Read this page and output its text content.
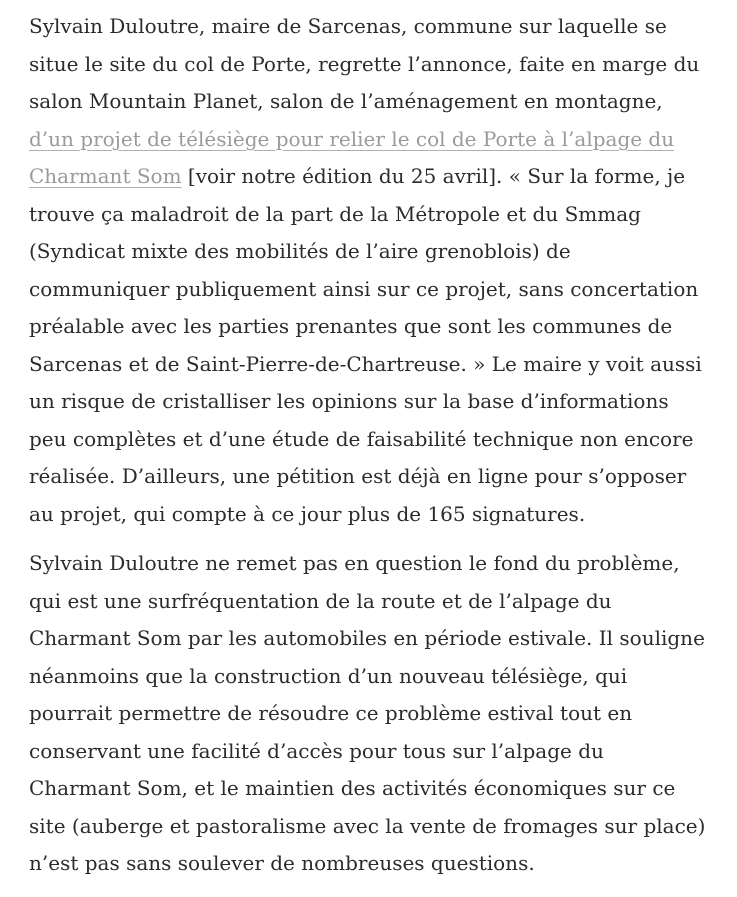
Sylvain Duloutre, maire de Sarcenas, commune sur laquelle se situe le site du col de Porte, regrette l’annonce, faite en marge du salon Mountain Planet, salon de l’aménagement en montagne, d’un projet de télésiège pour relier le col de Porte à l’alpage du Charmant Som [voir notre édition du 25 avril]. « Sur la forme, je trouve ça maladroit de la part de la Métropole et du Smmag (Syndicat mixte des mobilités de l’aire grenoblois) de communiquer publiquement ainsi sur ce projet, sans concertation préalable avec les parties prenantes que sont les communes de Sarcenas et de Saint-Pierre-de-Chartreuse. » Le maire y voit aussi un risque de cristalliser les opinions sur la base d’informations peu complètes et d’une étude de faisabilité technique non encore réalisée. D’ailleurs, une pétition est déjà en ligne pour s’opposer au projet, qui compte à ce jour plus de 165 signatures.

Sylvain Duloutre ne remet pas en question le fond du problème, qui est une surfréquentation de la route et de l’alpage du Charmant Som par les automobiles en période estivale. Il souligne néanmoins que la construction d’un nouveau télésiège, qui pourrait permettre de résoudre ce problème estival tout en conservant une facilité d’accès pour tous sur l’alpage du Charmant Som, et le maintien des activités économiques sur ce site (auberge et pastoralisme avec la vente de fromages sur place) n’est pas sans soulever de nombreuses questions.
